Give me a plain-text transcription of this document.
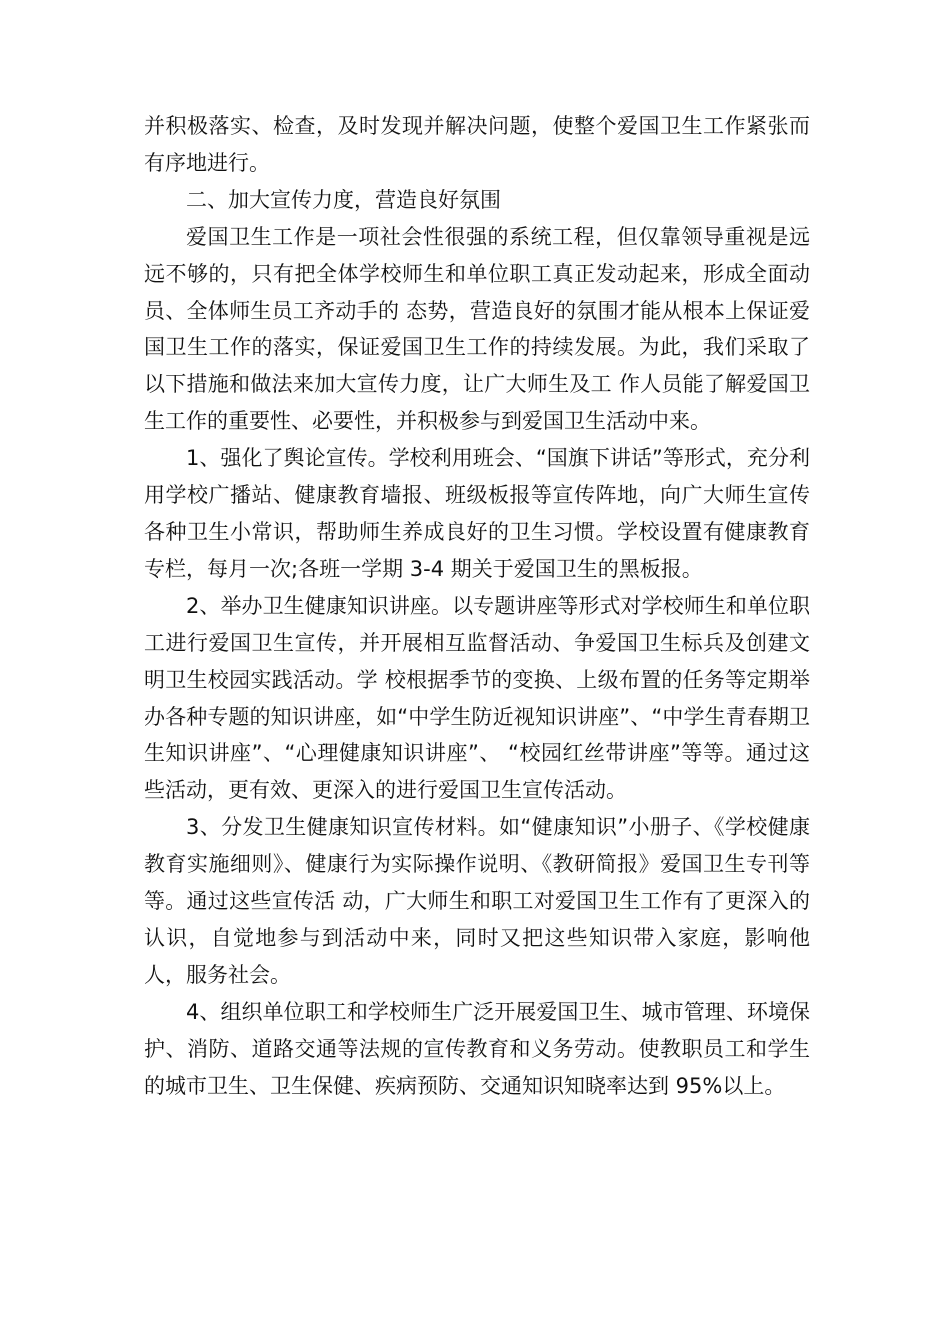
并积极落实、检查，及时发现并解决问题，使整个爱国卫生工作紧张而有序地进行。

二、加大宣传力度，营造良好氛围

爱国卫生工作是一项社会性很强的系统工程，但仅靠领导重视是远远不够的，只有把全体学校师生和单位职工真正发动起来，形成全面动员、全体师生员工齐动手的 态势，营造良好的氛围才能从根本上保证爱国卫生工作的落实，保证爱国卫生工作的持续发展。为此，我们采取了以下措施和做法来加大宣传力度，让广大师生及工 作人员能了解爱国卫生工作的重要性、必要性，并积极参与到爱国卫生活动中来。

1、强化了舆论宣传。学校利用班会、“国旗下讲话”等形式，充分利用学校广播站、健康教育墙报、班级板报等宣传阵地，向广大师生宣传各种卫生小常识，帮助师生养成良好的卫生习惯。学校设置有健康教育专栏，每月一次;各班一学期 3-4 期关于爱国卫生的黑板报。

2、举办卫生健康知识讲座。以专题讲座等形式对学校师生和单位职工进行爱国卫生宣传，并开展相互监督活动、争爱国卫生标兵及创建文明卫生校园实践活动。学 校根据季节的变换、上级布置的任务等定期举办各种专题的知识讲座，如“中学生防近视知识讲座”、“中学生青春期卫生知识讲座”、“心理健康知识讲座”、 “校园红丝带讲座”等等。通过这些活动，更有效、更深入的进行爱国卫生宣传活动。

3、分发卫生健康知识宣传材料。如“健康知识”小册子、《学校健康教育实施细则》、健康行为实际操作说明、《教研简报》爱国卫生专刊等等。通过这些宣传活 动，广大师生和职工对爱国卫生工作有了更深入的认识，自觉地参与到活动中来，同时又把这些知识带入家庭，影响他人，服务社会。

4、组织单位职工和学校师生广泛开展爱国卫生、城市管理、环境保护、消防、道路交通等法规的宣传教育和义务劳动。使教职员工和学生的城市卫生、卫生保健、疾病预防、交通知识知晓率达到 95%以上。
